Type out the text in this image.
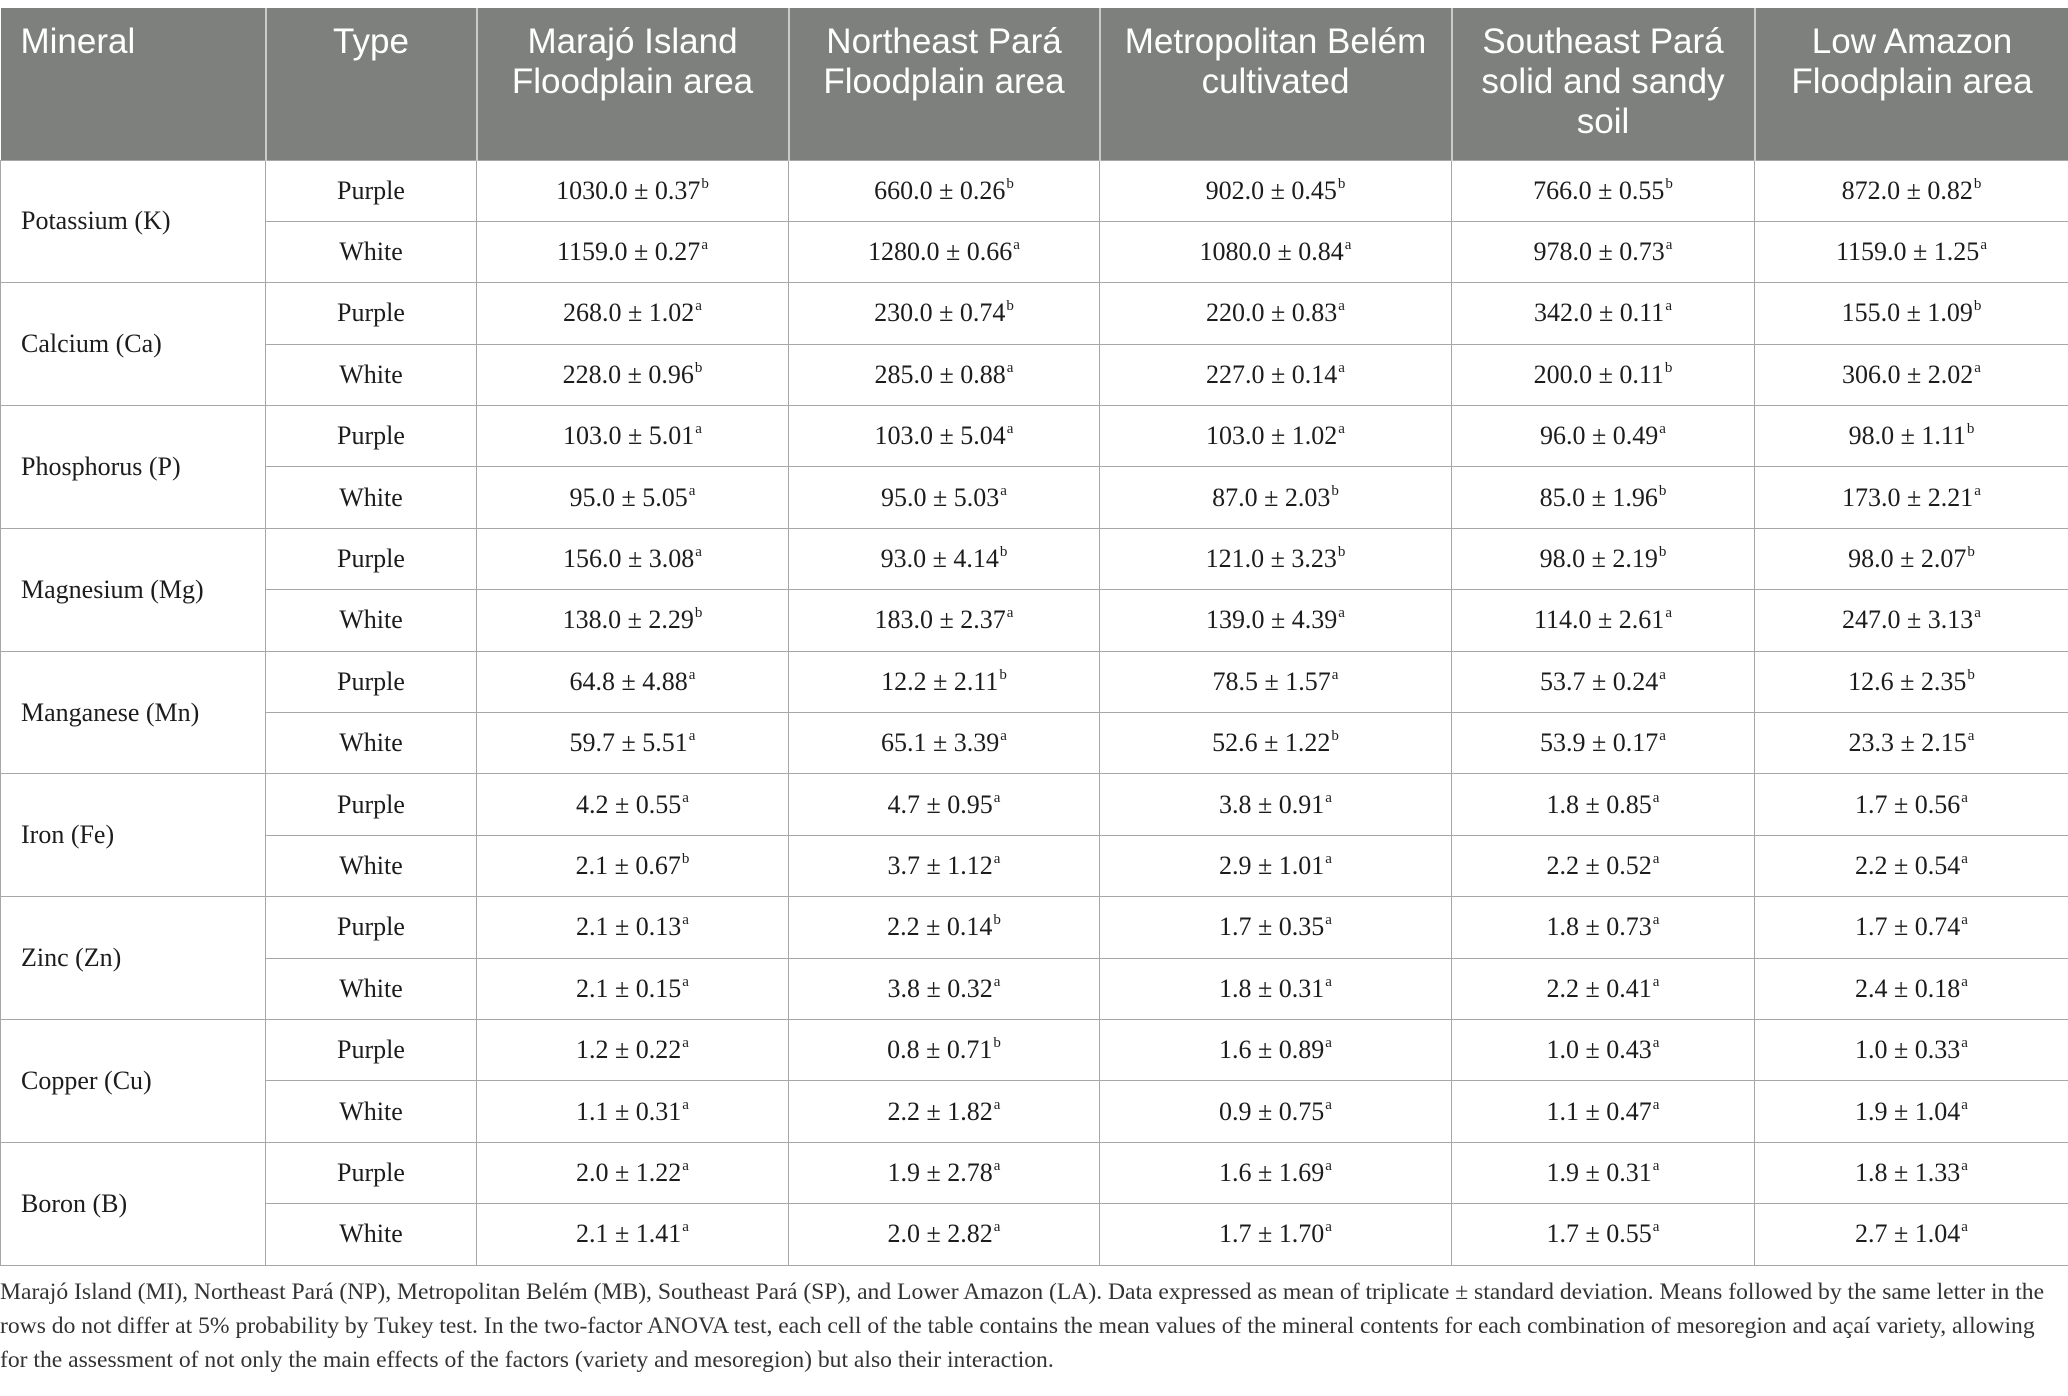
Mineral	Type	Marajó Island Floodplain area	Northeast Pará Floodplain area	Metropolitan Belém cultivated	Southeast Pará solid and sandy soil	Low Amazon Floodplain area
Potassium (K)	Purple	1030.0 ± 0.37$^b$	660.0 ± 0.26$^b$	902.0 ± 0.45$^b$	766.0 ± 0.55$^b$	872.0 ± 0.82$^b$
	White	1159.0 ± 0.27$^a$	1280.0 ± 0.66$^a$	1080.0 ± 0.84$^a$	978.0 ± 0.73$^a$	1159.0 ± 1.25$^a$
Calcium (Ca)	Purple	268.0 ± 1.02$^a$	230.0 ± 0.74$^b$	220.0 ± 0.83$^a$	342.0 ± 0.11$^a$	155.0 ± 1.09$^b$
	White	228.0 ± 0.96$^b$	285.0 ± 0.88$^a$	227.0 ± 0.14$^a$	200.0 ± 0.11$^b$	306.0 ± 2.02$^a$
Phosphorus (P)	Purple	103.0 ± 5.01$^a$	103.0 ± 5.04$^a$	103.0 ± 1.02$^a$	96.0 ± 0.49$^a$	98.0 ± 1.11$^b$
	White	95.0 ± 5.05$^a$	95.0 ± 5.03$^a$	87.0 ± 2.03$^b$	85.0 ± 1.96$^b$	173.0 ± 2.21$^a$
Magnesium (Mg)	Purple	156.0 ± 3.08$^a$	93.0 ± 4.14$^b$	121.0 ± 3.23$^b$	98.0 ± 2.19$^b$	98.0 ± 2.07$^b$
	White	138.0 ± 2.29$^b$	183.0 ± 2.37$^a$	139.0 ± 4.39$^a$	114.0 ± 2.61$^a$	247.0 ± 3.13$^a$
Manganese (Mn)	Purple	64.8 ± 4.88$^a$	12.2 ± 2.11$^b$	78.5 ± 1.57$^a$	53.7 ± 0.24$^a$	12.6 ± 2.35$^b$
	White	59.7 ± 5.51$^a$	65.1 ± 3.39$^a$	52.6 ± 1.22$^b$	53.9 ± 0.17$^a$	23.3 ± 2.15$^a$
Iron (Fe)	Purple	4.2 ± 0.55$^a$	4.7 ± 0.95$^a$	3.8 ± 0.91$^a$	1.8 ± 0.85$^a$	1.7 ± 0.56$^a$
	White	2.1 ± 0.67$^b$	3.7 ± 1.12$^a$	2.9 ± 1.01$^a$	2.2 ± 0.52$^a$	2.2 ± 0.54$^a$
Zinc (Zn)	Purple	2.1 ± 0.13$^a$	2.2 ± 0.14$^b$	1.7 ± 0.35$^a$	1.8 ± 0.73$^a$	1.7 ± 0.74$^a$
	White	2.1 ± 0.15$^a$	3.8 ± 0.32$^a$	1.8 ± 0.31$^a$	2.2 ± 0.41$^a$	2.4 ± 0.18$^a$
Copper (Cu)	Purple	1.2 ± 0.22$^a$	0.8 ± 0.71$^b$	1.6 ± 0.89$^a$	1.0 ± 0.43$^a$	1.0 ± 0.33$^a$
	White	1.1 ± 0.31$^a$	2.2 ± 1.82$^a$	0.9 ± 0.75$^a$	1.1 ± 0.47$^a$	1.9 ± 1.04$^a$
Boron (B)	Purple	2.0 ± 1.22$^a$	1.9 ± 2.78$^a$	1.6 ± 1.69$^a$	1.9 ± 0.31$^a$	1.8 ± 1.33$^a$
	White	2.1 ± 1.41$^a$	2.0 ± 2.82$^a$	1.7 ± 1.70$^a$	1.7 ± 0.55$^a$	2.7 ± 1.04$^a$

Marajó Island (MI), Northeast Pará (NP), Metropolitan Belém (MB), Southeast Pará (SP), and Lower Amazon (LA). Data expressed as mean of triplicate ± standard deviation. Means followed by the same letter in the rows do not differ at 5% probability by Tukey test. In the two-factor ANOVA test, each cell of the table contains the mean values of the mineral contents for each combination of mesoregion and açaí variety, allowing for the assessment of not only the main effects of the factors (variety and mesoregion) but also their interaction.
